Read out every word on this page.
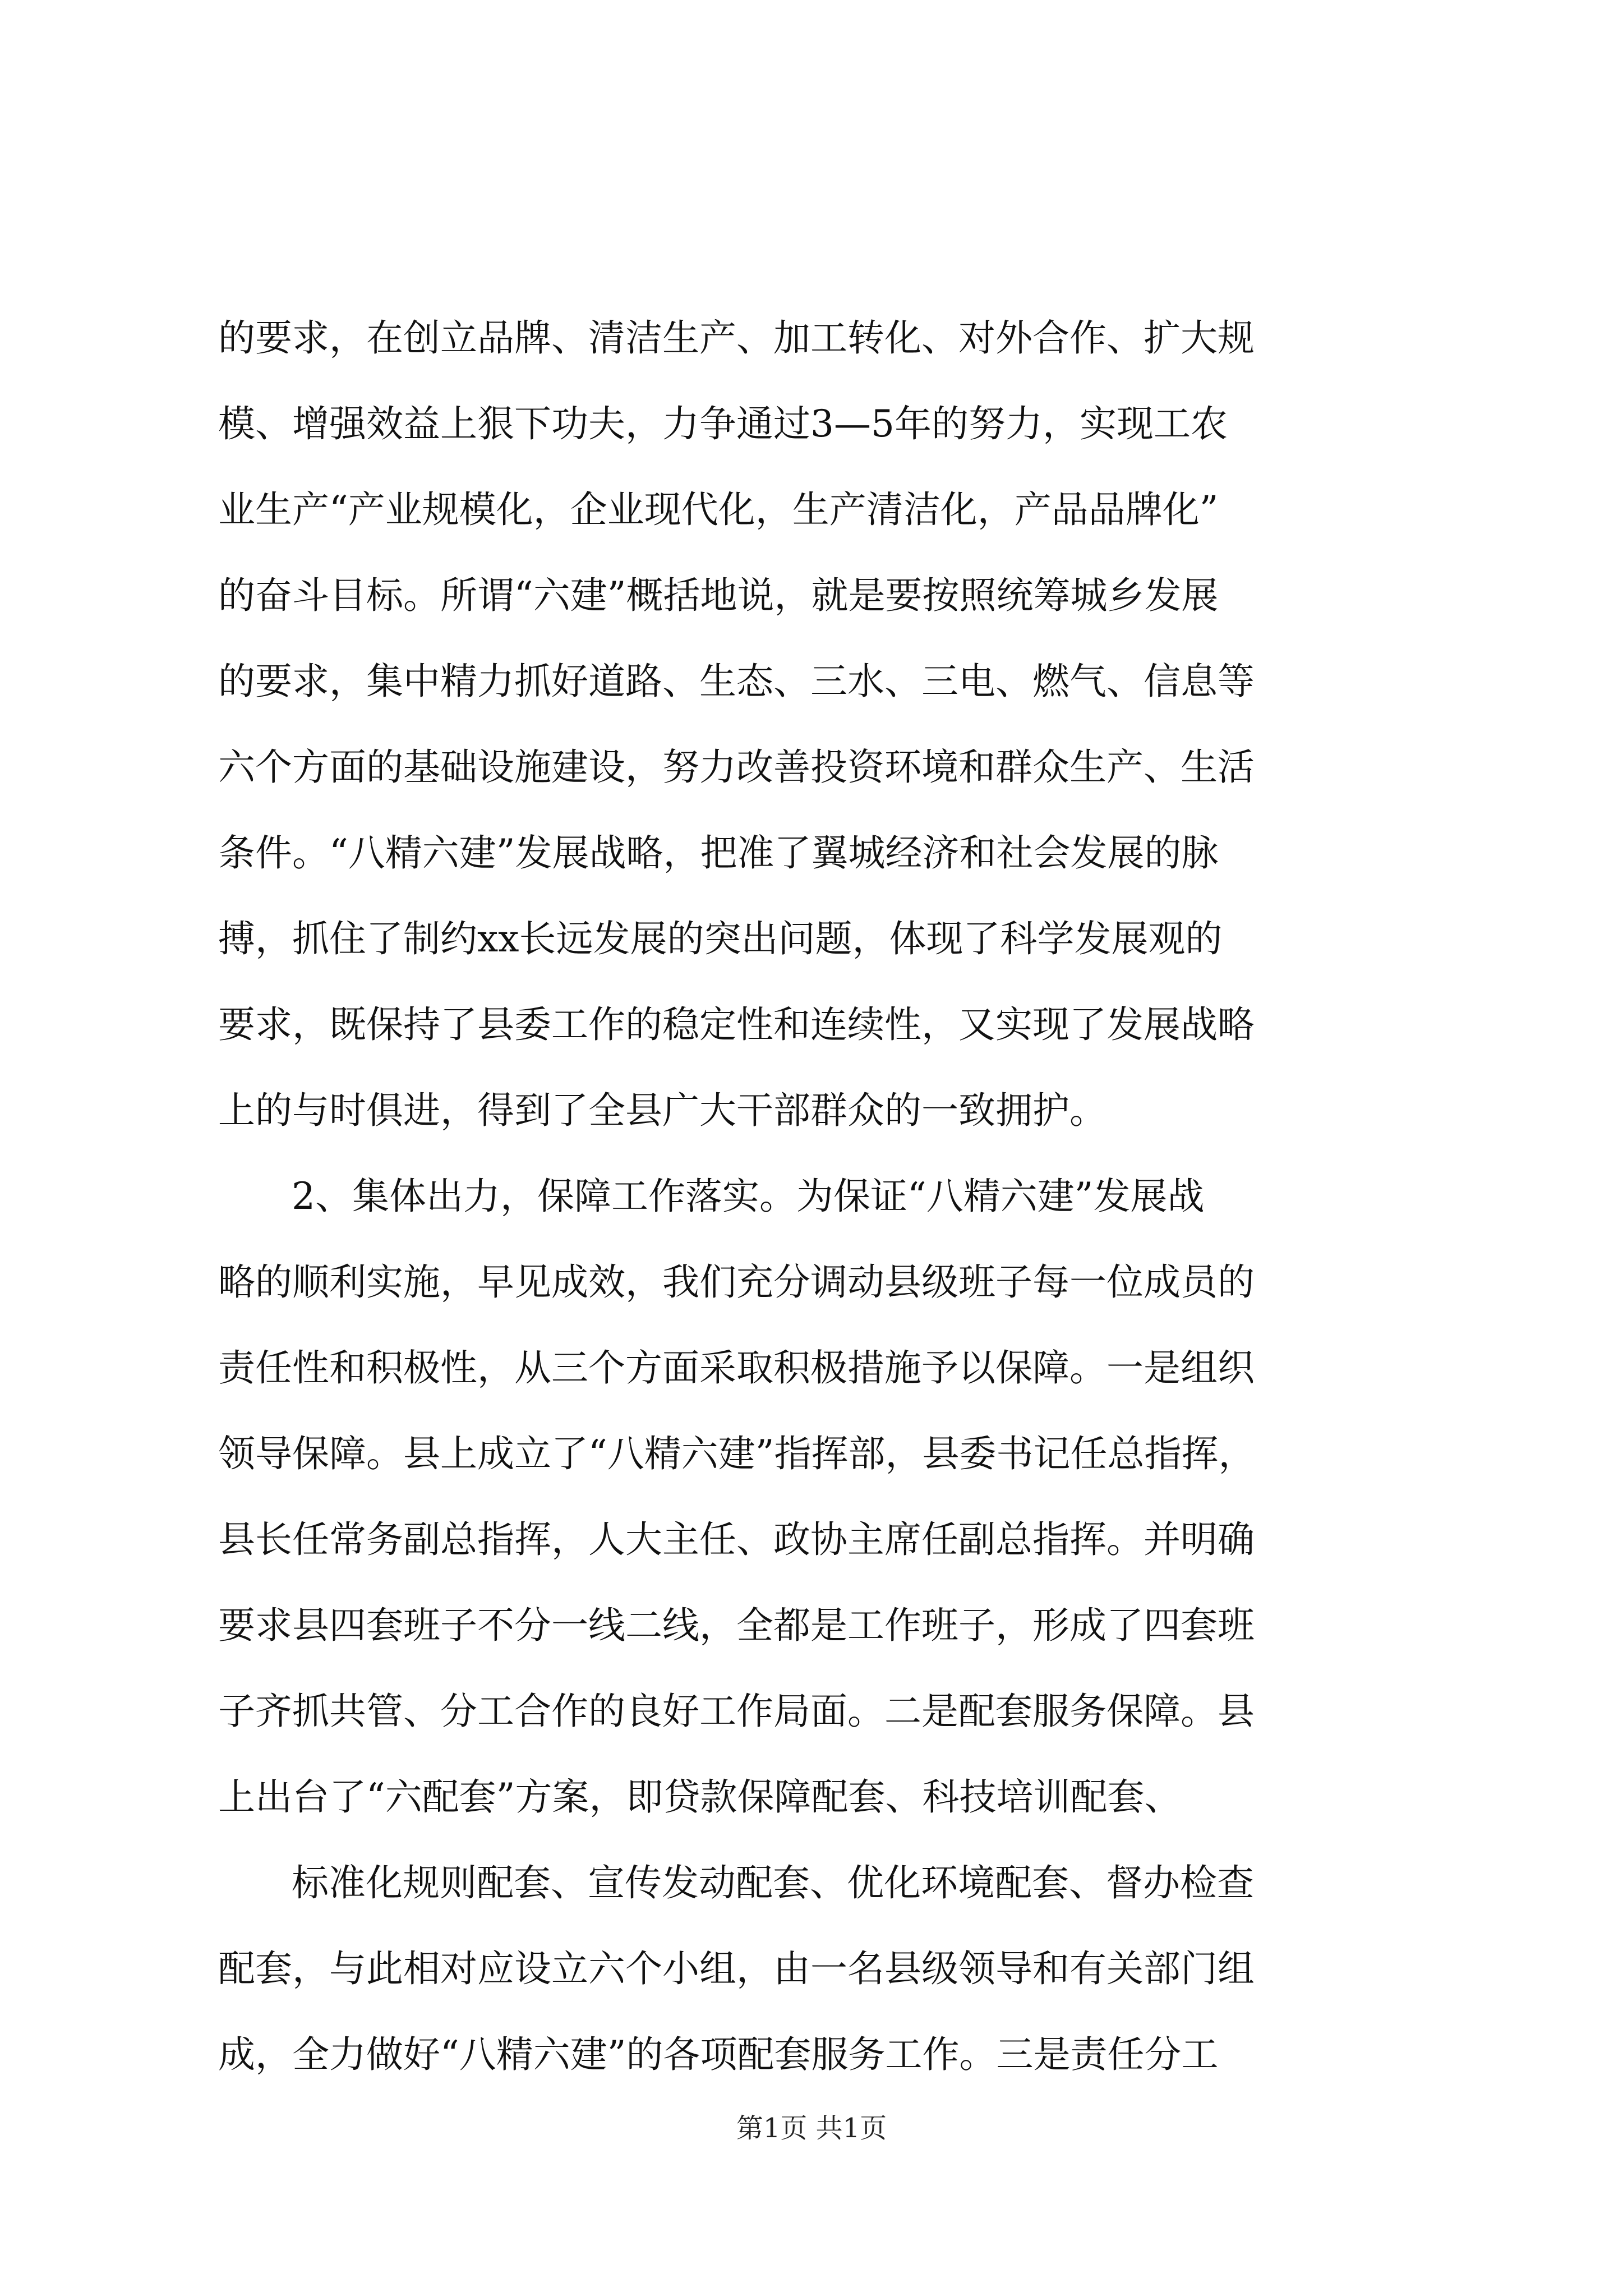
的要求，在创立品牌、清洁生产、加工转化、对外合作、扩大规
模、增强效益上狠下功夫，力争通过3—5年的努力，实现工农
业生产“产业规模化，企业现代化，生产清洁化，产品品牌化”
的奋斗目标。所谓“六建”概括地说，就是要按照统筹城乡发展
的要求，集中精力抓好道路、生态、三水、三电、燃气、信息等
六个方面的基础设施建设，努力改善投资环境和群众生产、生活
条件。“八精六建”发展战略，把准了翼城经济和社会发展的脉
搏，抓住了制约xx长远发展的突出问题，体现了科学发展观的
要求，既保持了县委工作的稳定性和连续性，又实现了发展战略
上的与时俱进，得到了全县广大干部群众的一致拥护。
2、集体出力，保障工作落实。为保证“八精六建”发展战
略的顺利实施，早见成效，我们充分调动县级班子每一位成员的
责任性和积极性，从三个方面采取积极措施予以保障。一是组织
领导保障。县上成立了“八精六建”指挥部，县委书记任总指挥，
县长任常务副总指挥，人大主任、政协主席任副总指挥。并明确
要求县四套班子不分一线二线，全都是工作班子，形成了四套班
子齐抓共管、分工合作的良好工作局面。二是配套服务保障。县
上出台了“六配套”方案，即贷款保障配套、科技培训配套、
标准化规则配套、宣传发动配套、优化环境配套、督办检查
配套，与此相对应设立六个小组，由一名县级领导和有关部门组
成，全力做好“八精六建”的各项配套服务工作。三是责任分工
第1页 共1页
